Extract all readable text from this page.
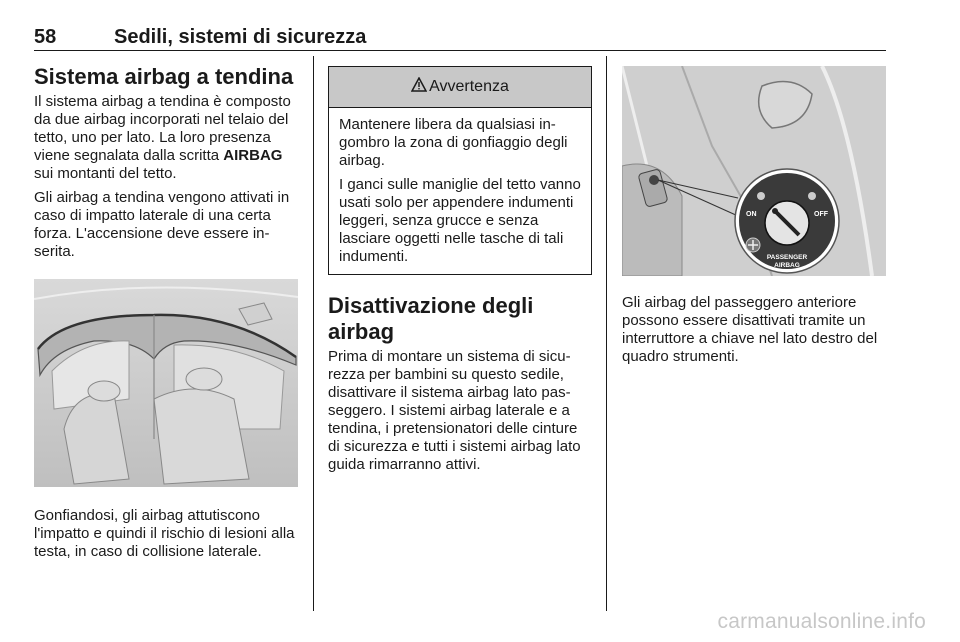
58	Sedili, sistemi di sicurezza
Sistema airbag a tendina

Il sistema airbag a tendina è composto da due airbag incorporati nel telaio del tetto, uno per lato. La loro presenza viene segnalata dalla scritta AIRBAG sui montanti del tetto.

Gli airbag a tendina vengono attivati in caso di impatto laterale di una certa forza. L'accensione deve essere inserita.

Gonfiandosi, gli airbag attutiscono l'impatto e quindi il rischio di lesioni alla testa, in caso di collisione laterale.

Avvertenza

Mantenere libera da qualsiasi ingombro la zona di gonfiaggio degli airbag.

I ganci sulle maniglie del tetto vanno usati solo per appendere indumenti leggeri, senza grucce e senza lasciare oggetti nelle tasche di tali indumenti.

Disattivazione degli airbag

Prima di montare un sistema di sicurezza per bambini su questo sedile, disattivare il sistema airbag lato passeggero. I sistemi airbag laterale e a tendina, i pretensionatori delle cinture di sicurezza e tutti i sistemi airbag lato guida rimarranno attivi.

ON	OFF
PASSENGER
AIRBAG

Gli airbag del passeggero anteriore possono essere disattivati tramite un interruttore a chiave nel lato destro del quadro strumenti.

carmanualsonline.info
